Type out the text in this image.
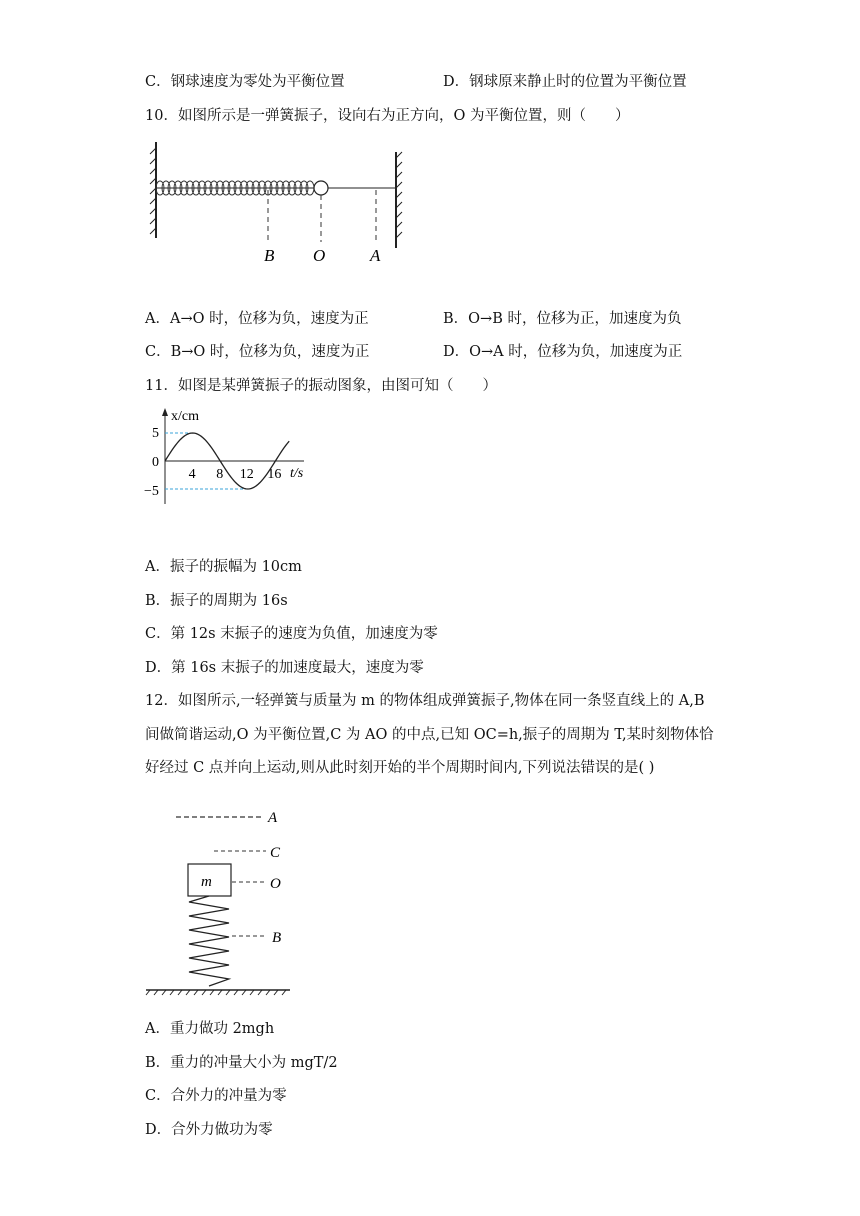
C．钢球速度为零处为平衡位置	D．钢球原来静止时的位置为平衡位置
10．如图所示是一弹簧振子，设向右为正方向，O 为平衡位置，则（　　）
B O	A
A．A→O 时，位移为负，速度为正	B．O→B 时，位移为正，加速度为负
C．B→O 时，位移为负，速度为正	D．O→A 时，位移为负，加速度为正
11．如图是某弹簧振子的振动图象，由图可知（　　）
x/cm
t/s
5
0
−5
4 8 12 16
A．振子的振幅为 10cm
B．振子的周期为 16s
C．第 12s 末振子的速度为负值，加速度为零
D．第 16s 末振子的加速度最大，速度为零
12．如图所示,一轻弹簧与质量为 m 的物体组成弹簧振子,物体在同一条竖直线上的 A,B
间做简谐运动,O 为平衡位置,C 为 AO 的中点,已知 OC=h,振子的周期为 T,某时刻物体恰
好经过 C 点并向上运动,则从此时刻开始的半个周期时间内,下列说法错误的是( )
A
C
O
B
m
A．重力做功 2mgh
B．重力的冲量大小为 mgT/2
C．合外力的冲量为零
D．合外力做功为零
